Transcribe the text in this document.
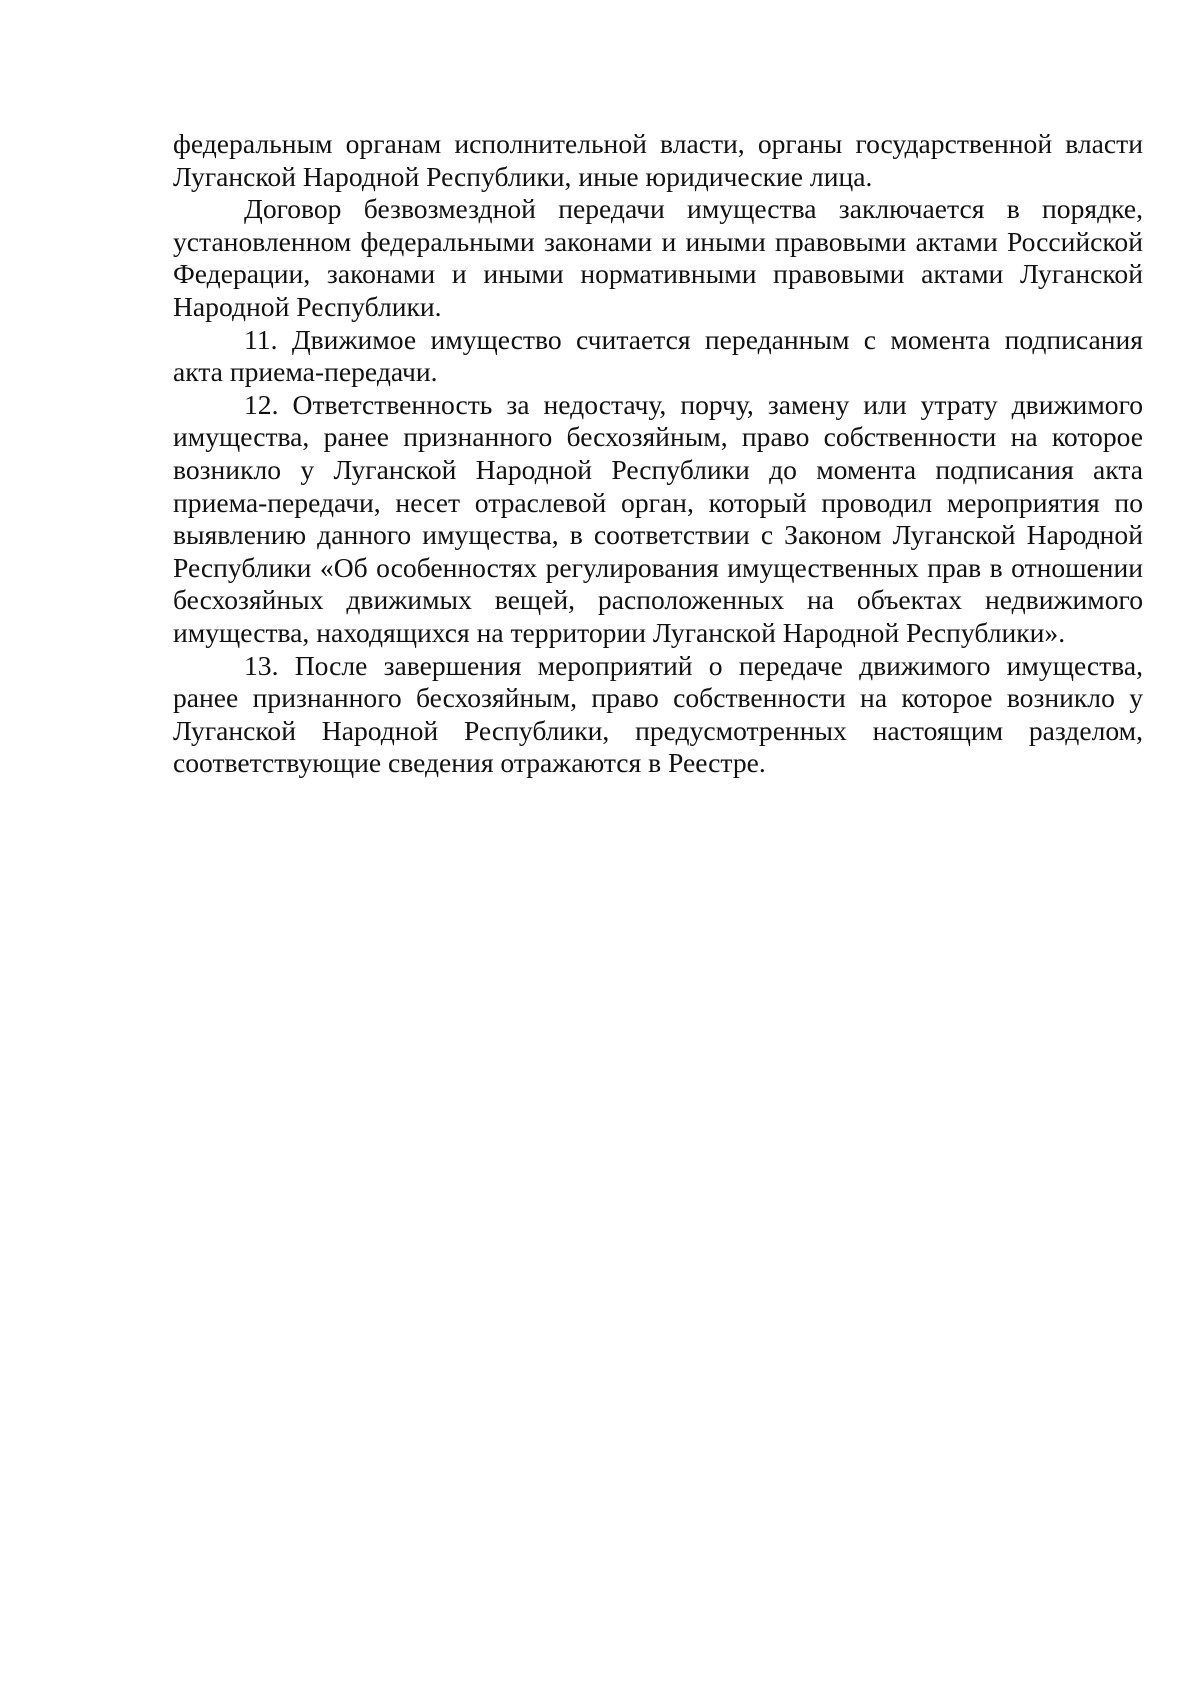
федеральным органам исполнительной власти, органы государственной власти Луганской Народной Республики, иные юридические лица.

Договор безвозмездной передачи имущества заключается в порядке, установленном федеральными законами и иными правовыми актами Российской Федерации, законами и иными нормативными правовыми актами Луганской Народной Республики.

11. Движимое имущество считается переданным с момента подписания акта приема-передачи.

12. Ответственность за недостачу, порчу, замену или утрату движимого имущества, ранее признанного бесхозяйным, право собственности на которое возникло у Луганской Народной Республики до момента подписания акта приема-передачи, несет отраслевой орган, который проводил мероприятия по выявлению данного имущества, в соответствии с Законом Луганской Народной Республики «Об особенностях регулирования имущественных прав в отношении бесхозяйных движимых вещей, расположенных на объектах недвижимого имущества, находящихся на территории Луганской Народной Республики».

13. После завершения мероприятий о передаче движимого имущества, ранее признанного бесхозяйным, право собственности на которое возникло у Луганской Народной Республики, предусмотренных настоящим разделом, соответствующие сведения отражаются в Реестре.
